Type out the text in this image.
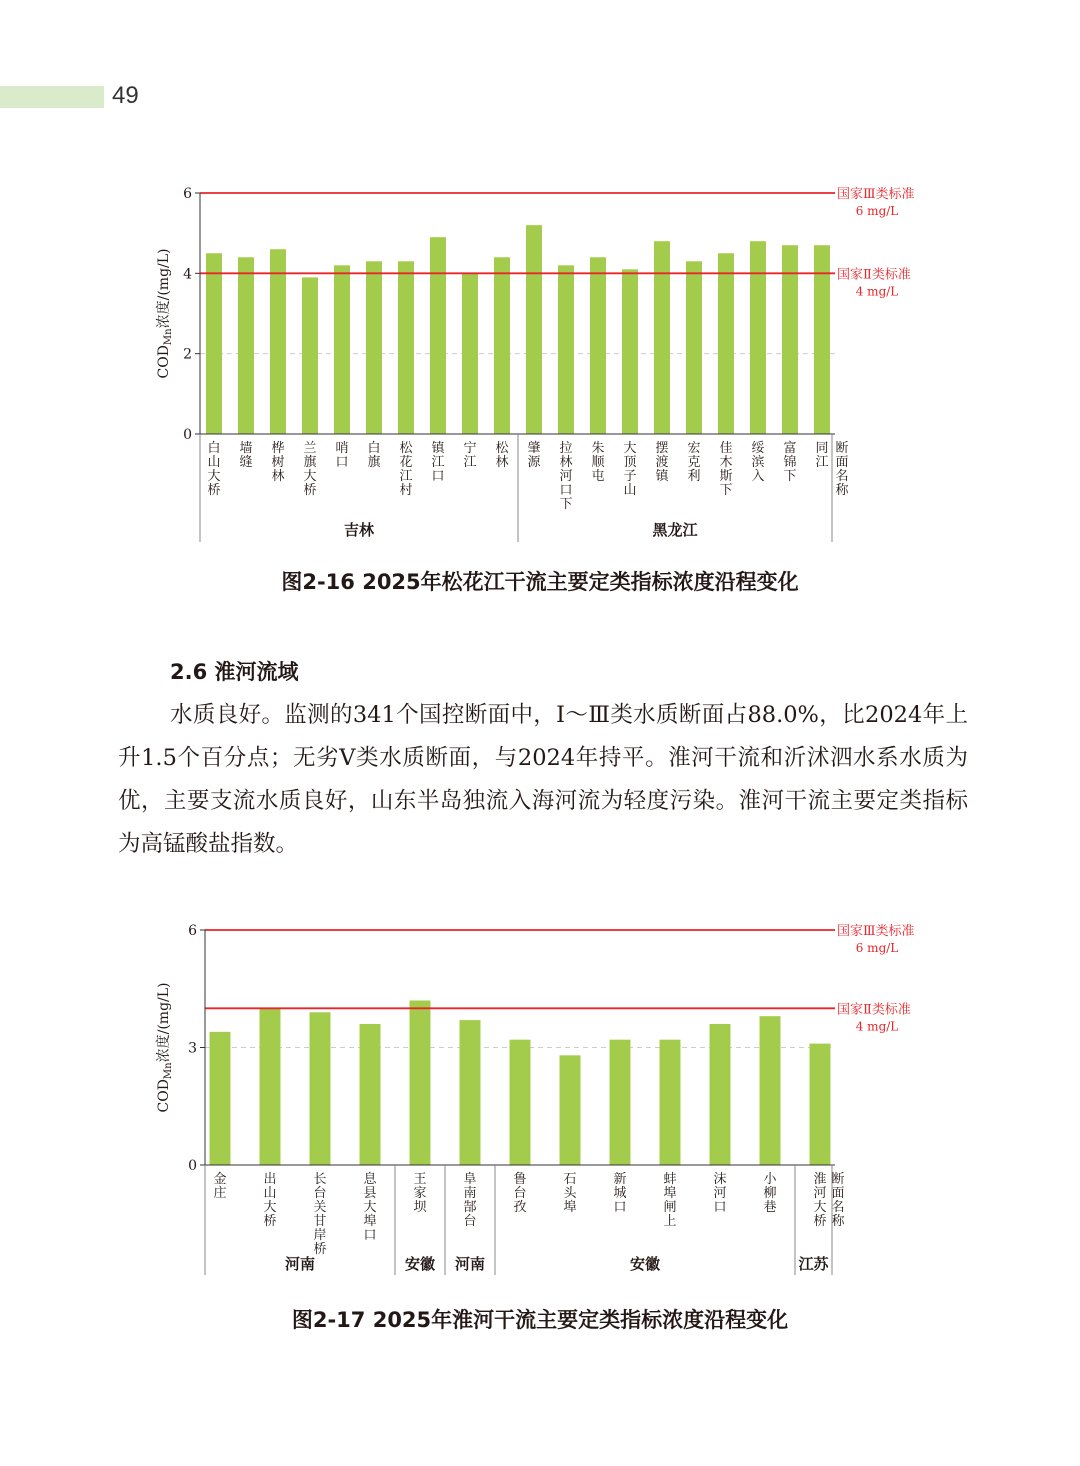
49
国家Ⅲ类标准
6 mg/L
国家Ⅱ类标准
4 mg/L
0
2
4
6
$COD_{Mn}$浓度/(mg/L)
白山大桥
墙缝
桦树林
兰旗大桥
哨口
白旗
松花江村
镇江口
宁江
松林
肇源
拉林河口下
朱顺屯
大顶子山
摆渡镇
宏克利
佳木斯下
绥滨入
富锦下
同江
断面名称
吉林	黑龙江
图2-16 2025年松花江干流主要定类指标浓度沿程变化
2.6 淮河流域
水质良好。监测的341个国控断面中，Ⅰ～Ⅲ类水质断面占88.0%，比2024年上升1.5个百分点；无劣Ⅴ类水质断面，与2024年持平。淮河干流和沂沭泗水系水质为优，主要支流水质良好，山东半岛独流入海河流为轻度污染。淮河干流主要定类指标为高锰酸盐指数。
国家Ⅲ类标准
6 mg/L
国家Ⅱ类标准
4 mg/L
0
3
6
$COD_{Mn}$浓度/(mg/L)
金庄
出山大桥
长台关甘岸桥
息县大埠口
王家坝
阜南郜台
鲁台孜
石头埠
新城口
蚌埠闸上
沫河口
小柳巷
淮河大桥
断面名称
河南	安徽 河南	安徽	江苏
图2-17 2025年淮河干流主要定类指标浓度沿程变化
